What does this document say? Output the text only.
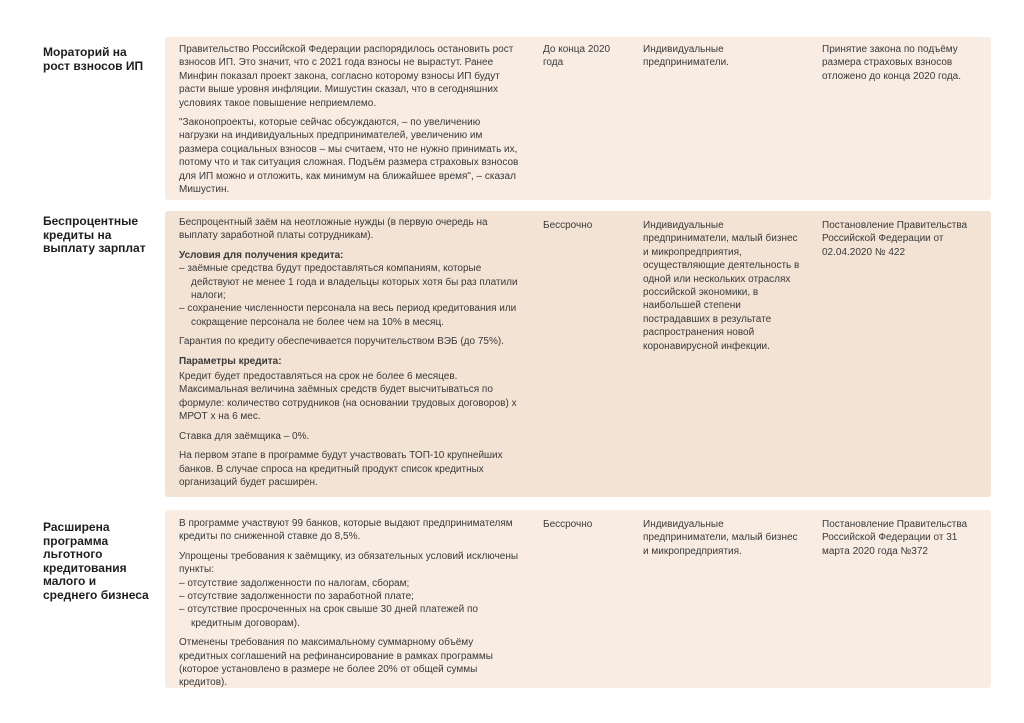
Мораторий на рост взносов ИП

Правительство Российской Федерации распорядилось остановить рост взносов ИП. Это значит, что с 2021 года взносы не вырастут. Ранее Минфин показал проект закона, согласно которому взносы ИП будут расти выше уровня инфляции. Мишустин сказал, что в сегодняшних условиях такое повышение неприемлемо.

"Законопроекты, которые сейчас обсуждаются, – по увеличению нагрузки на индивидуальных предпринимателей, увеличению им размера социальных взносов – мы считаем, что не нужно принимать их, потому что и так ситуация сложная. Подъём размера страховых взносов для ИП можно и отложить, как минимум на ближайшее время", – сказал Мишустин.

До конца 2020 года
Индивидуальные предприниматели.
Принятие закона по подъёму размера страховых взносов отложено до конца 2020 года.
Беспроцентные кредиты на выплату зарплат

Беспроцентный заём на неотложные нужды (в первую очередь на выплату заработной платы сотрудникам).

Условия для получения кредита:

– заёмные средства будут предоставляться компаниям, которые действуют не менее 1 года и владельцы которых хотя бы раз платили налоги;
– сохранение численности персонала на весь период кредитования или сокращение персонала не более чем на 10% в месяц.

Гарантия по кредиту обеспечивается поручительством ВЭБ (до 75%).

Параметры кредита:

Кредит будет предоставляться на срок не более 6 месяцев. Максимальная величина заёмных средств будет высчитываться по формуле: количество сотрудников (на основании трудовых договоров) х МРОТ х на 6 мес.

Ставка для заёмщика – 0%.

На первом этапе в программе будут участвовать ТОП-10 крупнейших банков. В случае спроса на кредитный продукт список кредитных организаций будет расширен.

Бессрочно	Индивидуальные предприниматели, малый бизнес и микропредприятия, осуществляющие деятельность в одной или нескольких отраслях российской экономики, в наибольшей степени пострадавших в результате распространения новой коронавирусной инфекции.
Постановление Правительства Российской Федерации от 02.04.2020 № 422
Расширена программа льготного кредитования малого и среднего бизнеса

В программе участвуют 99 банков, которые выдают предпринимателям кредиты по сниженной ставке до 8,5%.

Упрощены требования к заёмщику, из обязательных условий исключены пункты:

– отсутствие задолженности по налогам, сборам;
– отсутствие задолженности по заработной плате;
– отсутствие просроченных на срок свыше 30 дней платежей по кредитным договорам).

Отменены требования по максимальному суммарному объёму кредитных соглашений на рефинансирование в рамках программы (которое установлено в размере не более 20% от общей суммы кредитов).

Бессрочно	Индивидуальные предприниматели, малый бизнес и микропредприятия.
Постановление Правительства Российской Федерации от 31 марта 2020 года №372
